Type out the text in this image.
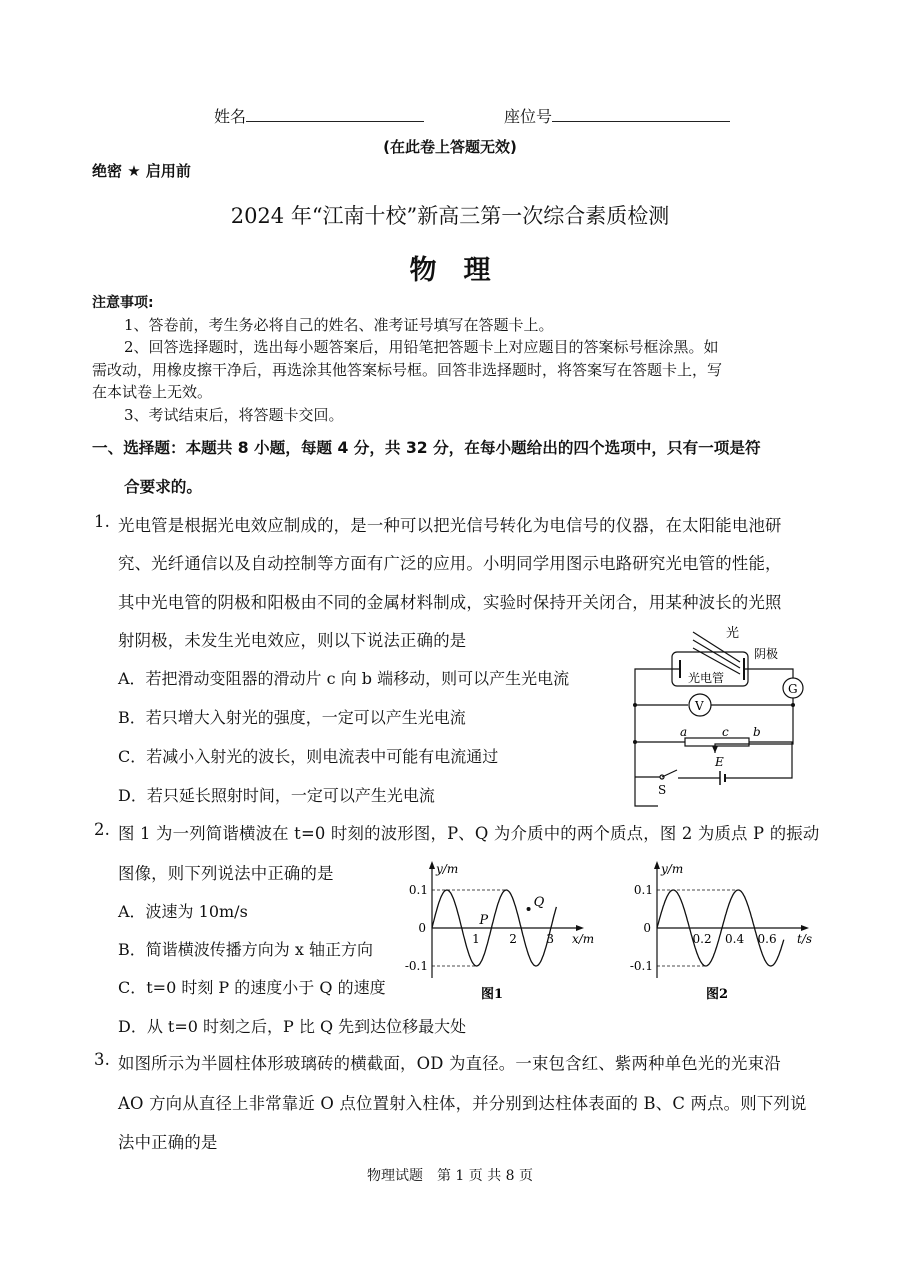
姓名	座位号
(在此卷上答题无效)
绝密 ★ 启用前
2024 年“江南十校”新高三第一次综合素质检测
物　理
注意事项:
1、答卷前，考生务必将自己的姓名、准考证号填写在答题卡上。
2、回答选择题时，选出每小题答案后，用铅笔把答题卡上对应题目的答案标号框涂黑。如
需改动，用橡皮擦干净后，再选涂其他答案标号框。回答非选择题时，将答案写在答题卡上，写
在本试卷上无效。
3、考试结束后，将答题卡交回。
一、选择题：本题共 8 小题，每题 4 分，共 32 分，在每小题给出的四个选项中，只有一项是符
合要求的。
1. 光电管是根据光电效应制成的，是一种可以把光信号转化为电信号的仪器，在太阳能电池研
究、光纤通信以及自动控制等方面有广泛的应用。小明同学用图示电路研究光电管的性能，
其中光电管的阴极和阳极由不同的金属材料制成，实验时保持开关闭合，用某种波长的光照
射阴极，未发生光电效应，则以下说法正确的是
A．若把滑动变阻器的滑动片 c 向 b 端移动，则可以产生光电流
B．若只增大入射光的强度，一定可以产生光电流
C．若减小入射光的波长，则电流表中可能有电流通过
D．若只延长照射时间，一定可以产生光电流
光
阴极
光电管
G
V
a	c b
E
S
2. 图 1 为一列简谐横波在 t=0 时刻的波形图，P、Q 为介质中的两个质点，图 2 为质点 P 的振动
图像，则下列说法中正确的是
A．波速为 10m/s
B．简谐横波传播方向为 x 轴正方向
C．t=0 时刻 P 的速度小于 Q 的速度
D．从 t=0 时刻之后，P 比 Q 先到达位移最大处
0.1
0
-0.1
y/m
1 2 3 x/m
图1
P
Q
0.1
0
-0.1
y/m
0.2 0.4 0.6 t/s
图2
3. 如图所示为半圆柱体形玻璃砖的横截面，OD 为直径。一束包含红、紫两种单色光的光束沿
AO 方向从直径上非常靠近 O 点位置射入柱体，并分别到达柱体表面的 B、C 两点。则下列说
法中正确的是
物理试题　第 1 页 共 8 页
